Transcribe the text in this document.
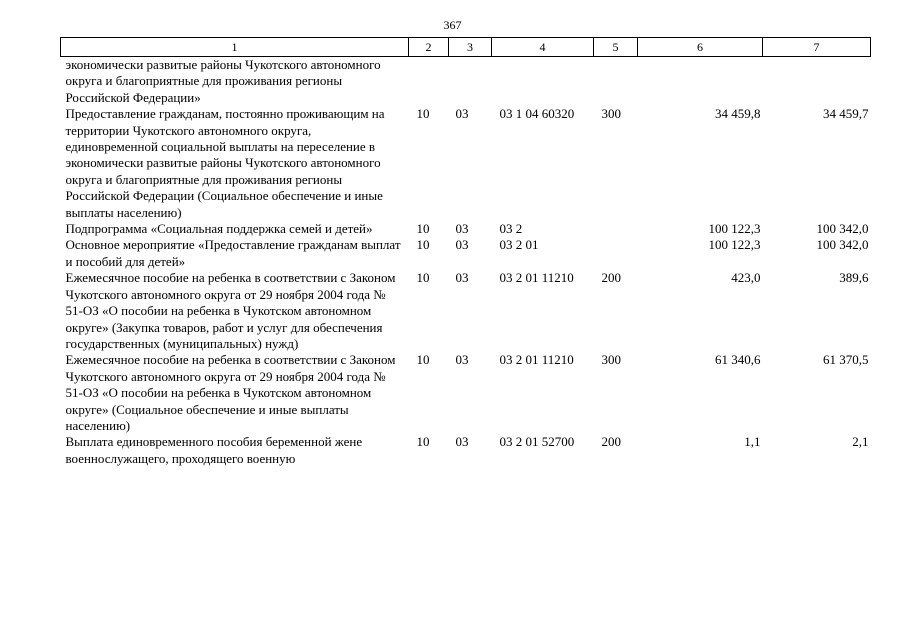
367
1	2	3	4	5	6	7
экономически развитые районы Чукотского автономного округа и благоприятные для проживания регионы Российской Федерации»						
Предоставление гражданам, постоянно проживающим на территории Чукотского автономного округа, единовременной социальной выплаты на переселение в экономически развитые районы Чукотского автономного округа и благоприятные для проживания регионы Российской Федерации (Социальное обеспечение и иные выплаты населению)	10	03	03 1 04 60320	300	34 459,8	34 459,7
Подпрограмма «Социальная поддержка семей и детей»	10	03	03 2		100 122,3	100 342,0
Основное мероприятие «Предоставление гражданам выплат и пособий для детей»	10	03	03 2 01		100 122,3	100 342,0
Ежемесячное пособие на ребенка в соответствии с Законом Чукотского автономного округа от 29 ноября 2004 года № 51-ОЗ «О пособии на ребенка в Чукотском автономном округе» (Закупка товаров, работ и услуг для обеспечения государственных (муниципальных) нужд)	10	03	03 2 01 11210	200	423,0	389,6
Ежемесячное пособие на ребенка в соответствии с Законом Чукотского автономного округа от 29 ноября 2004 года № 51-ОЗ «О пособии на ребенка в Чукотском автономном округе» (Социальное обеспечение и иные выплаты населению)	10	03	03 2 01 11210	300	61 340,6	61 370,5
Выплата единовременного пособия беременной жене военнослужащего, проходящего военную	10	03	03 2 01 52700	200	1,1	2,1
